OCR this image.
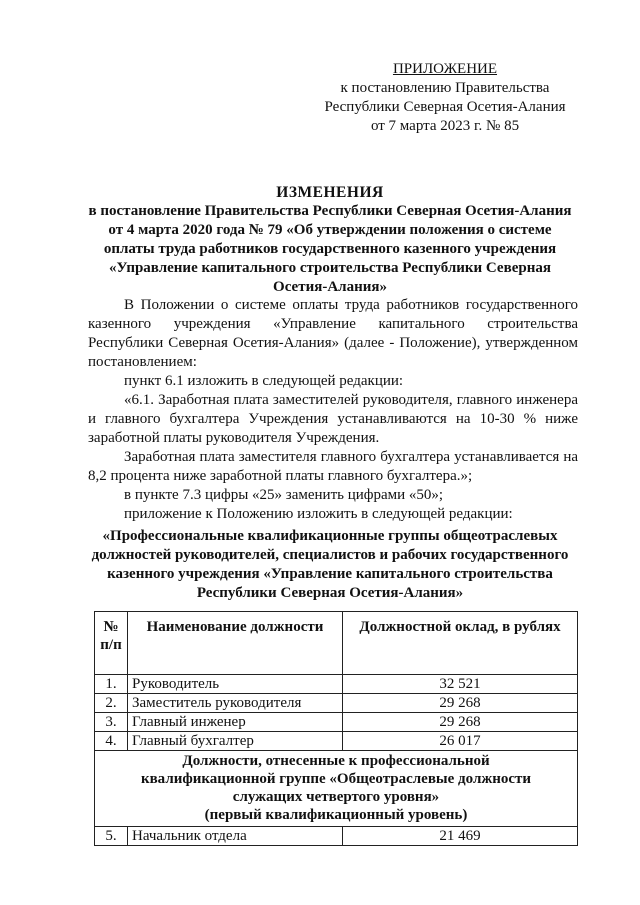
ПРИЛОЖЕНИЕ
к постановлению Правительства
Республики Северная Осетия-Алания
от 7 марта 2023 г. № 85
ИЗМЕНЕНИЯ
в постановление Правительства Республики Северная Осетия-Алания
от 4 марта 2020 года № 79 «Об утверждении положения о системе
оплаты труда работников государственного казенного учреждения
«Управление капитального строительства Республики Северная
Осетия-Алания»

В Положении о системе оплаты труда работников государственного казенного учреждения «Управление капитального строительства Республики Северная Осетия-Алания» (далее - Положение), утвержденном постановлением:

пункт 6.1 изложить в следующей редакции:

«6.1. Заработная плата заместителей руководителя, главного инженера и главного бухгалтера Учреждения устанавливаются на 10-30 % ниже заработной платы руководителя Учреждения.

Заработная плата заместителя главного бухгалтера устанавливается на 8,2 процента ниже заработной платы главного бухгалтера.»;

в пункте 7.3 цифры «25» заменить цифрами «50»;

приложение к Положению изложить в следующей редакции:

«Профессиональные квалификационные группы общеотраслевых
должностей руководителей, специалистов и рабочих государственного
казенного учреждения «Управление капитального строительства
Республики Северная Осетия-Алания»
№
п/п	Наименование должности	Должностной оклад, в рублях
1.	Руководитель	32 521
2.	Заместитель руководителя	29 268
3.	Главный инженер	29 268
4.	Главный бухгалтер	26 017

Должности, отнесенные к профессиональной
квалификационной группе «Общеотраслевые должности
служащих четвертого уровня»
(первый квалификационный уровень)		

5.	Начальник отдела	21 469
